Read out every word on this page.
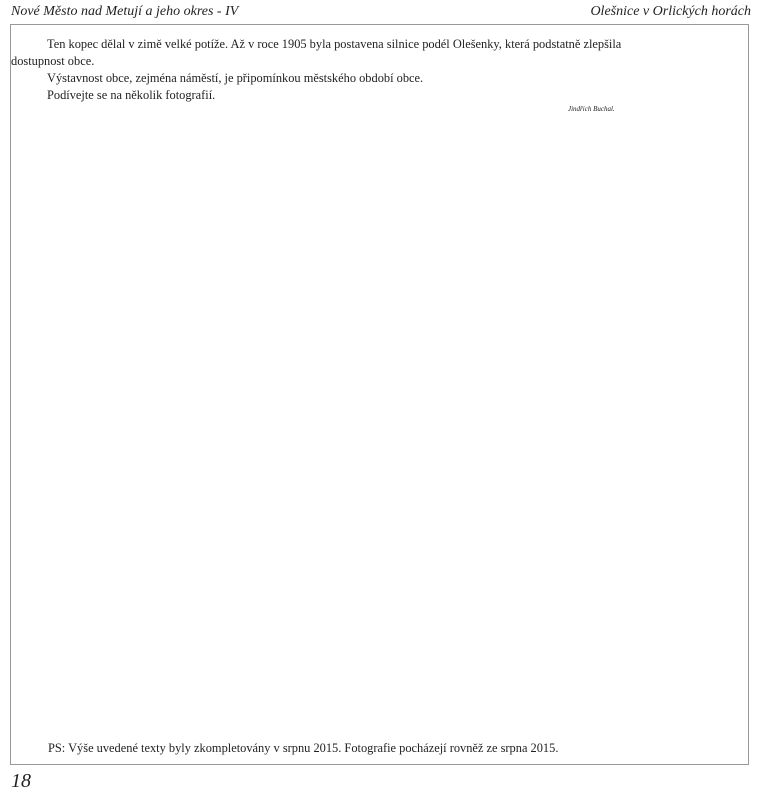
Nové Město nad Metují a jeho okres - IV	Olešnice v Orlických horách

Ten kopec dělal v zimě velké potíže. Až v roce 1905 byla postavena silnice podél Olešenky, která podstatně zlepšila dostupnost obce.

Výstavnost obce, zejména náměstí, je připomínkou městského období obce.

Podívejte se na několik fotografií.

Jindřich Buchal.
PS: Výše uvedené texty byly zkompletovány v srpnu 2015. Fotografie pocházejí rovněž ze srpna 2015.
18
